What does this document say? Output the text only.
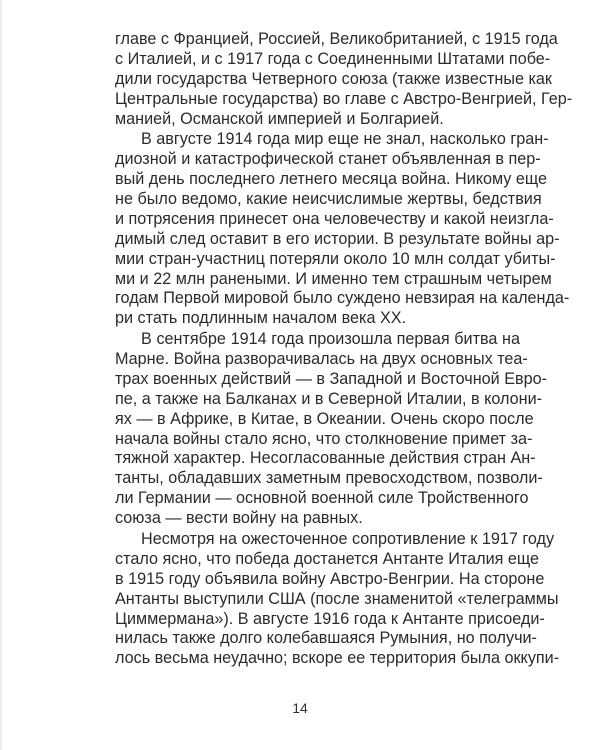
главе с Францией, Россией, Великобританией, с 1915 года
с Италией, и с 1917 года с Соединенными Штатами побе-
дили государства Четверного союза (также известные как
Центральные государства) во главе с Австро-Венгрией, Гер-
манией, Османской империей и Болгарией.
В августе 1914 года мир еще не знал, насколько гран-
диозной и катастрофической станет объявленная в пер-
вый день последнего летнего месяца война. Никому еще
не было ведомо, какие неисчислимые жертвы, бедствия
и потрясения принесет она человечеству и какой неизгла-
димый след оставит в его истории. В результате войны ар-
мии стран-участниц потеряли около 10 млн солдат убиты-
ми и 22 млн ранеными. И именно тем страшным четырем
годам Первой мировой было суждено невзирая на календа-
ри стать подлинным началом века ХХ.
В сентябре 1914 года произошла первая битва на
Марне. Война разворачивалась на двух основных теа-
трах военных действий — в Западной и Восточной Евро-
пе, а также на Балканах и в Северной Италии, в колони-
ях — в Африке, в Китае, в Океании. Очень скоро после
начала войны стало ясно, что столкновение примет за-
тяжной характер. Несогласованные действия стран Ан-
танты, обладавших заметным превосходством, позволи-
ли Германии — основной военной силе Тройственного
союза — вести войну на равных.
Несмотря на ожесточенное сопротивление к 1917 году
стало ясно, что победа достанется Антанте Италия еще
в 1915 году объявила войну Австро-Венгрии. На стороне
Антанты выступили США (после знаменитой «телеграммы
Циммермана»). В августе 1916 года к Антанте присоеди-
нилась также долго колебавшаяся Румыния, но получи-
лось весьма неудачно; вскоре ее территория была оккупи-
14
